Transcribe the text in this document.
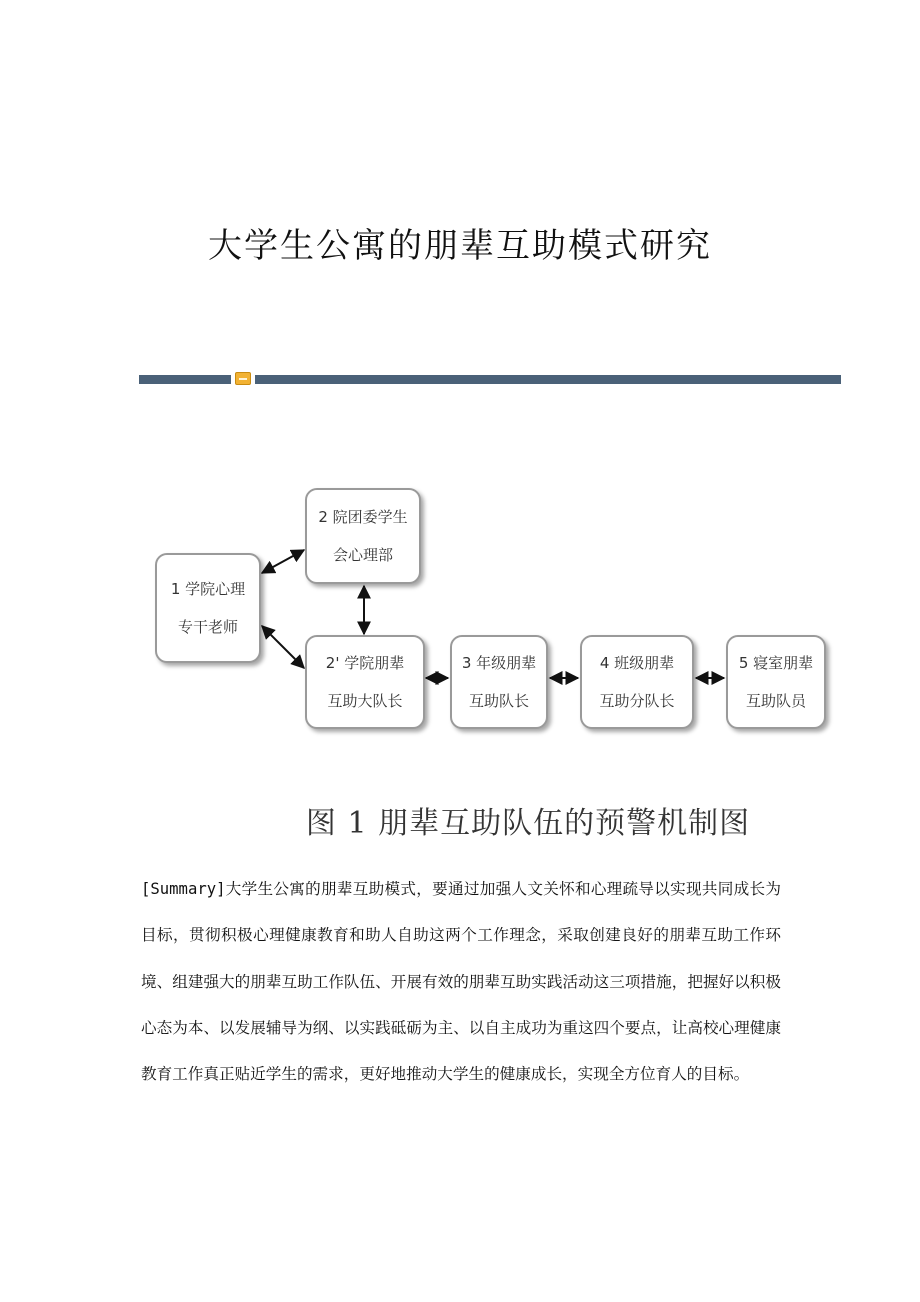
大学生公寓的朋辈互助模式研究
1 学院心理
专干老师
2 院团委学生
会心理部
2' 学院朋辈
互助大队长
3 年级朋辈
互助队长
4 班级朋辈
互助分队长
5 寝室朋辈
互助队员
图 1 朋辈互助队伍的预警机制图
[Summary]大学生公寓的朋辈互助模式，要通过加强人文关怀和心理疏导以实现共同成长为目标，贯彻积极心理健康教育和助人自助这两个工作理念，采取创建良好的朋辈互助工作环境、组建强大的朋辈互助工作队伍、开展有效的朋辈互助实践活动这三项措施，把握好以积极心态为本、以发展辅导为纲、以实践砥砺为主、以自主成功为重这四个要点，让高校心理健康教育工作真正贴近学生的需求，更好地推动大学生的健康成长，实现全方位育人的目标。
